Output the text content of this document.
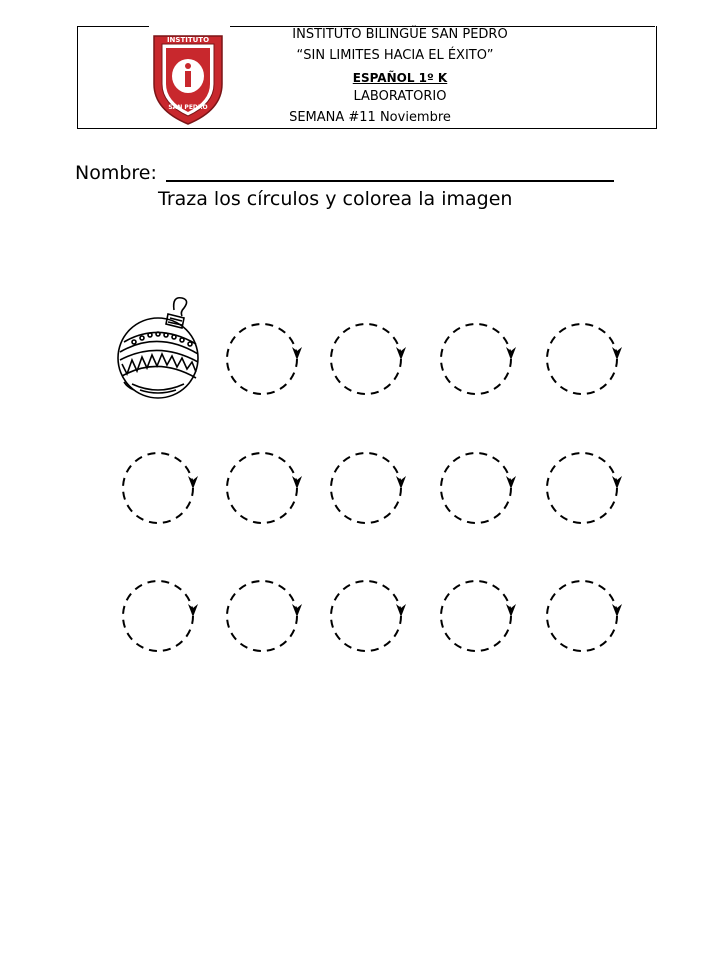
INSTITUTO
SAN PEDRO
INSTITUTO BILINGÜE SAN PEDRO
“SIN LIMITES HACIA EL ÉXITO”
ESPAÑOL 1º K
LABORATORIO
SEMANA #11 Noviembre
Nombre:
Traza los círculos y colorea la imagen
